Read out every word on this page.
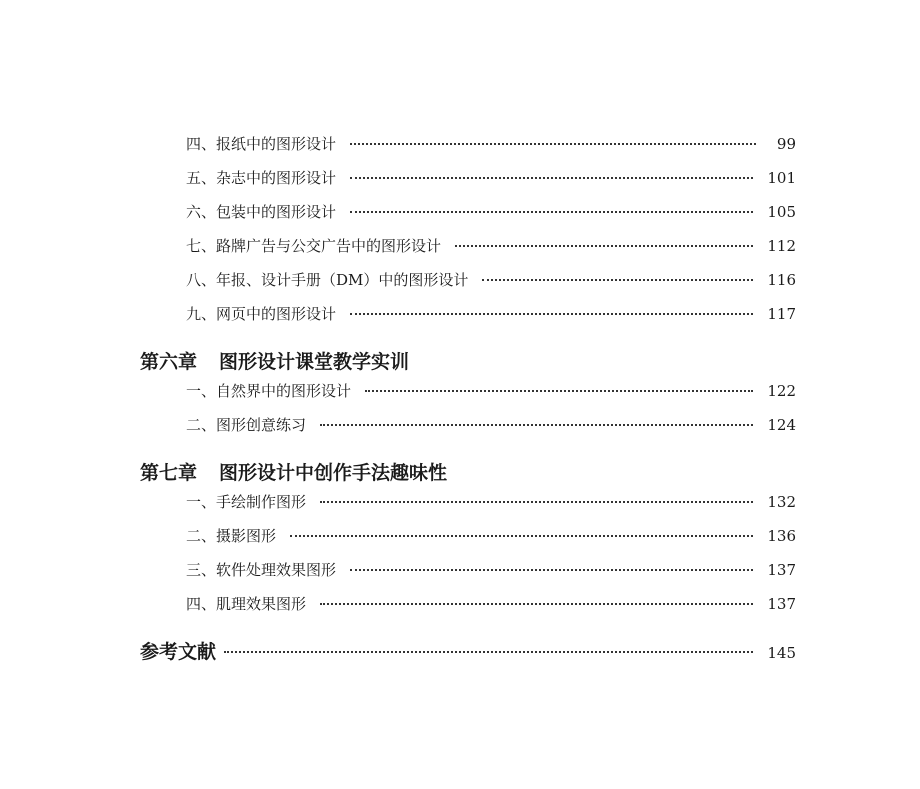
四、报纸中的图形设计	99
五、杂志中的图形设计	101
六、包装中的图形设计	105
七、路牌广告与公交广告中的图形设计	112
八、年报、设计手册（DM）中的图形设计	116
九、网页中的图形设计	117
第六章 图形设计课堂教学实训
一、自然界中的图形设计	122
二、图形创意练习	124
第七章 图形设计中创作手法趣味性
一、手绘制作图形	132
二、摄影图形	136
三、软件处理效果图形	137
四、肌理效果图形	137
参考文献	145
